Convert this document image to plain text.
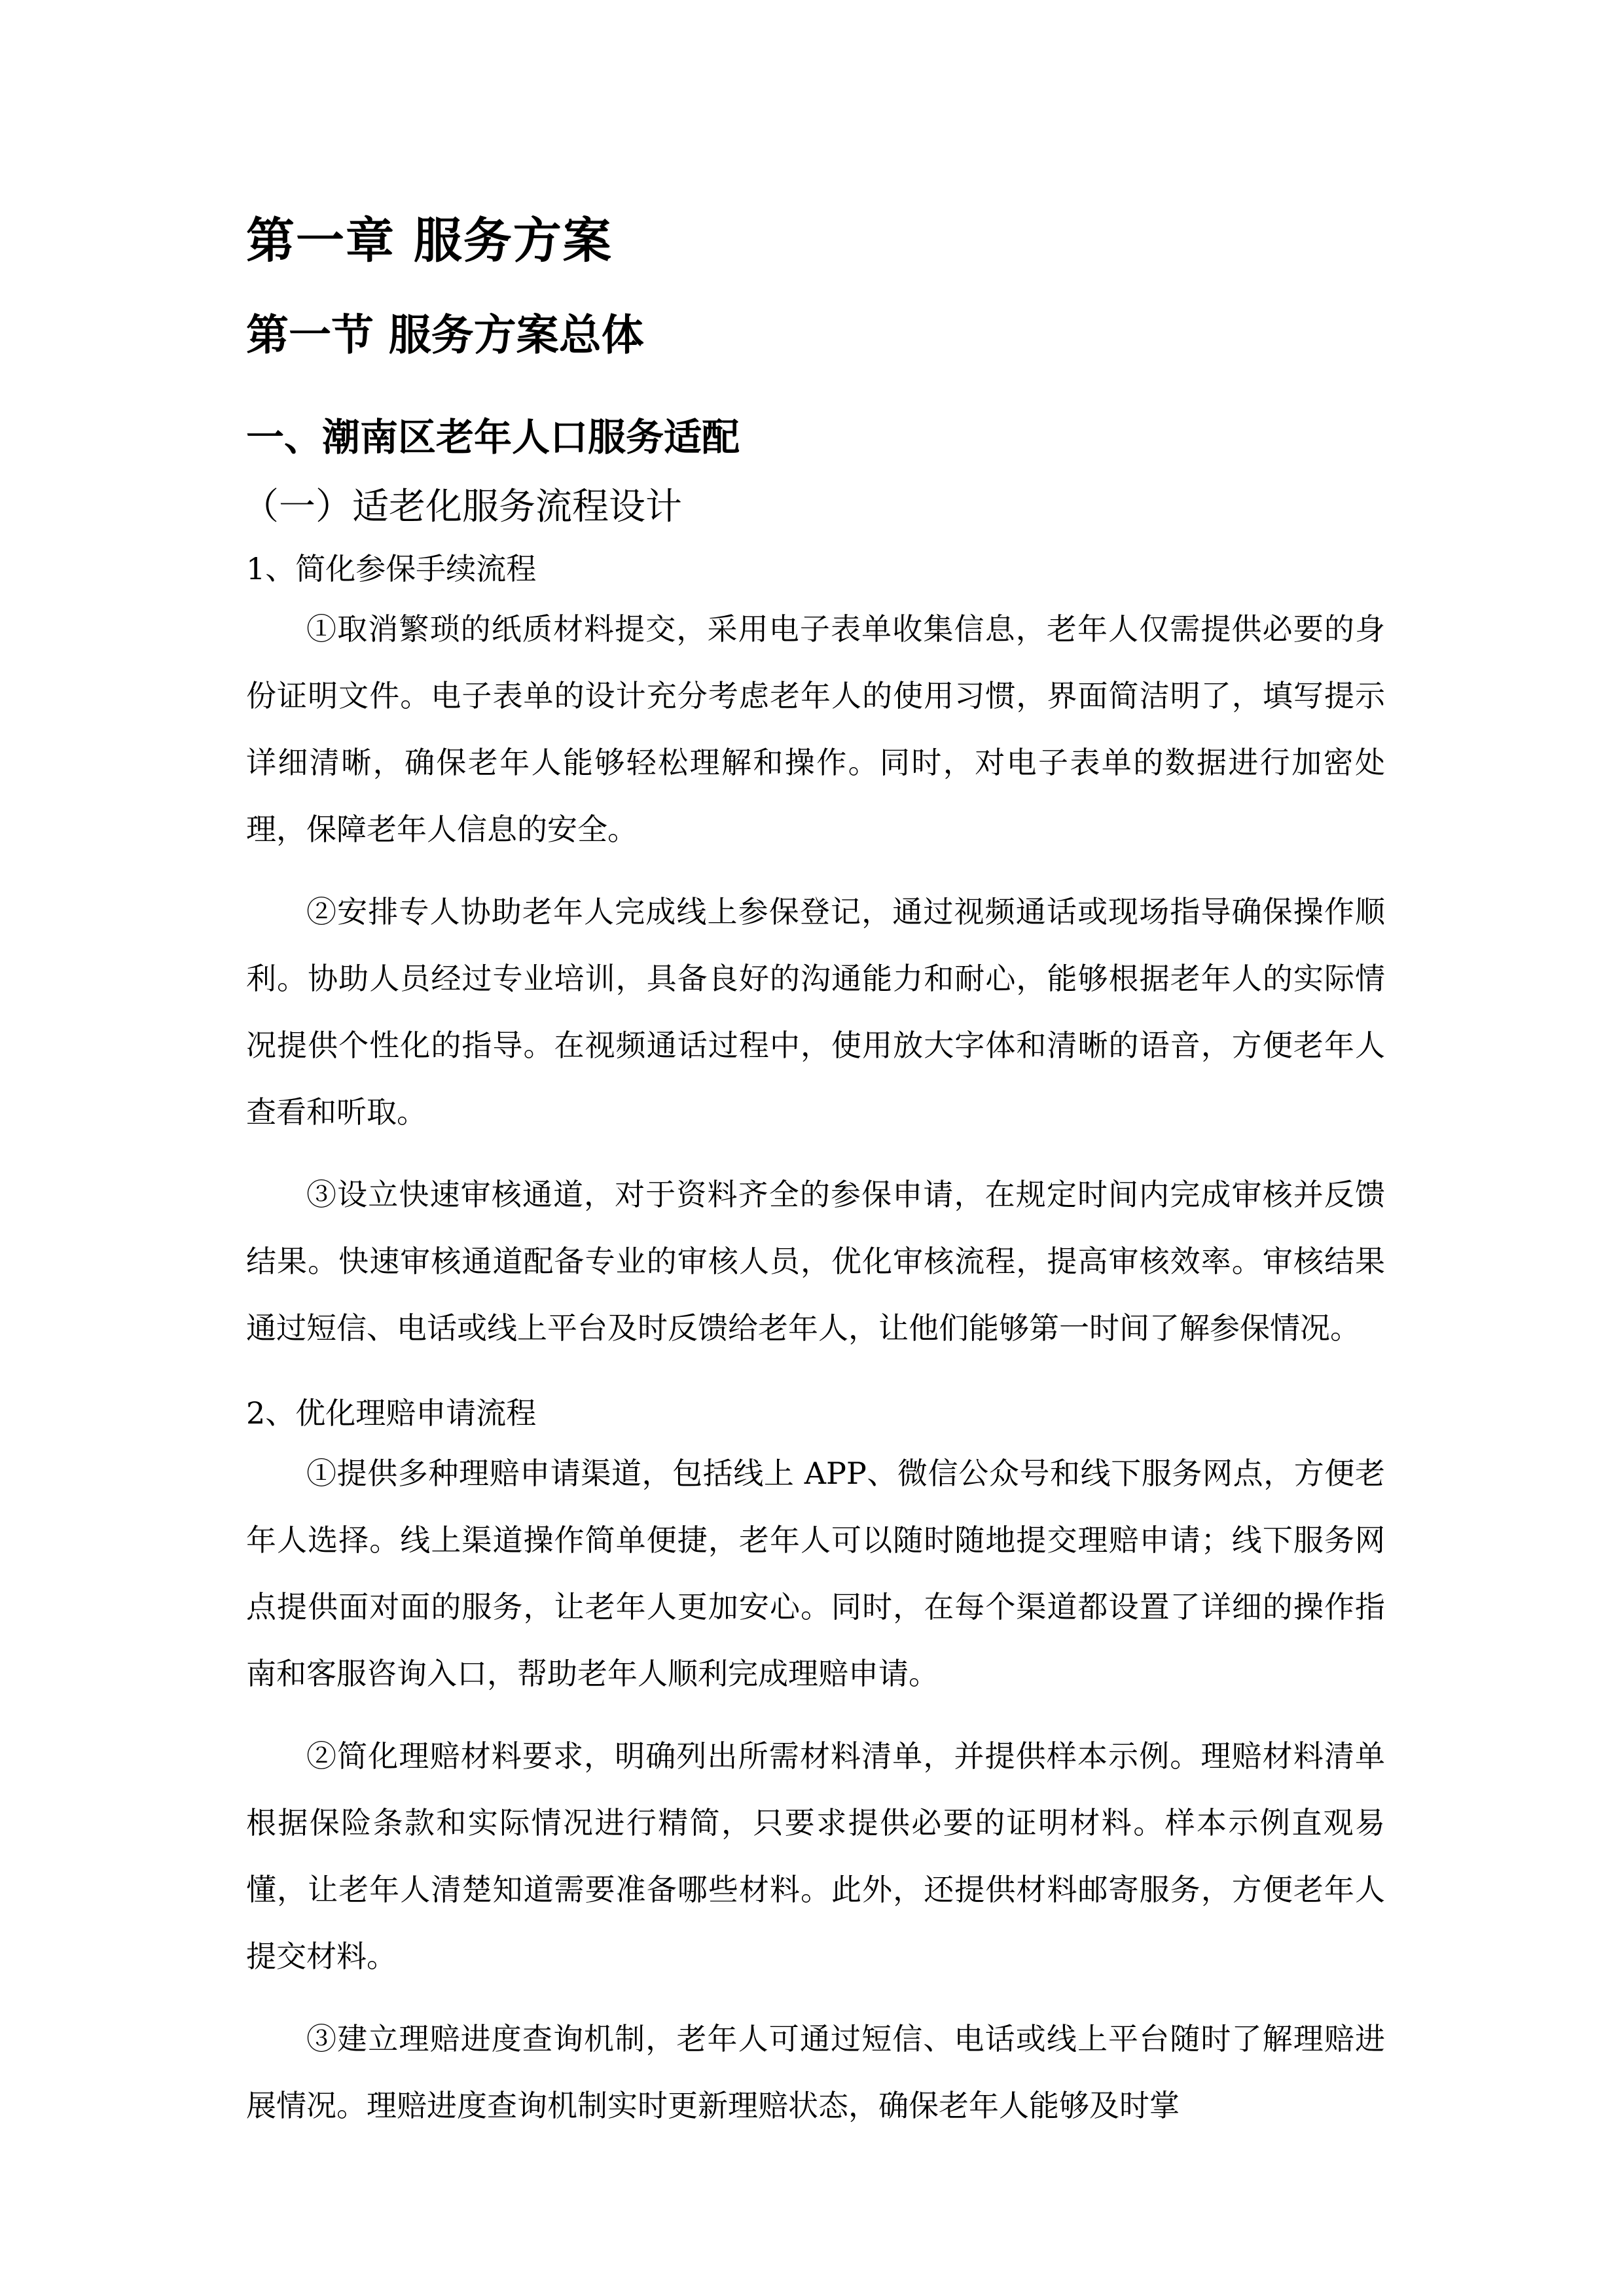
第一章 服务方案
第一节 服务方案总体
一、潮南区老年人口服务适配
（一）适老化服务流程设计
1、简化参保手续流程

①取消繁琐的纸质材料提交，采用电子表单收集信息，老年人仅需提供必要的身份证明文件。电子表单的设计充分考虑老年人的使用习惯，界面简洁明了，填写提示详细清晰，确保老年人能够轻松理解和操作。同时，对电子表单的数据进行加密处理，保障老年人信息的安全。

②安排专人协助老年人完成线上参保登记，通过视频通话或现场指导确保操作顺利。协助人员经过专业培训，具备良好的沟通能力和耐心，能够根据老年人的实际情况提供个性化的指导。在视频通话过程中，使用放大字体和清晰的语音，方便老年人查看和听取。

③设立快速审核通道，对于资料齐全的参保申请，在规定时间内完成审核并反馈结果。快速审核通道配备专业的审核人员，优化审核流程，提高审核效率。审核结果通过短信、电话或线上平台及时反馈给老年人，让他们能够第一时间了解参保情况。

2、优化理赔申请流程

①提供多种理赔申请渠道，包括线上 APP、微信公众号和线下服务网点，方便老年人选择。线上渠道操作简单便捷，老年人可以随时随地提交理赔申请；线下服务网点提供面对面的服务，让老年人更加安心。同时，在每个渠道都设置了详细的操作指南和客服咨询入口，帮助老年人顺利完成理赔申请。

②简化理赔材料要求，明确列出所需材料清单，并提供样本示例。理赔材料清单根据保险条款和实际情况进行精简，只要求提供必要的证明材料。样本示例直观易懂，让老年人清楚知道需要准备哪些材料。此外，还提供材料邮寄服务，方便老年人提交材料。

③建立理赔进度查询机制，老年人可通过短信、电话或线上平台随时了解理赔进展情况。理赔进度查询机制实时更新理赔状态，确保老年人能够及时掌
